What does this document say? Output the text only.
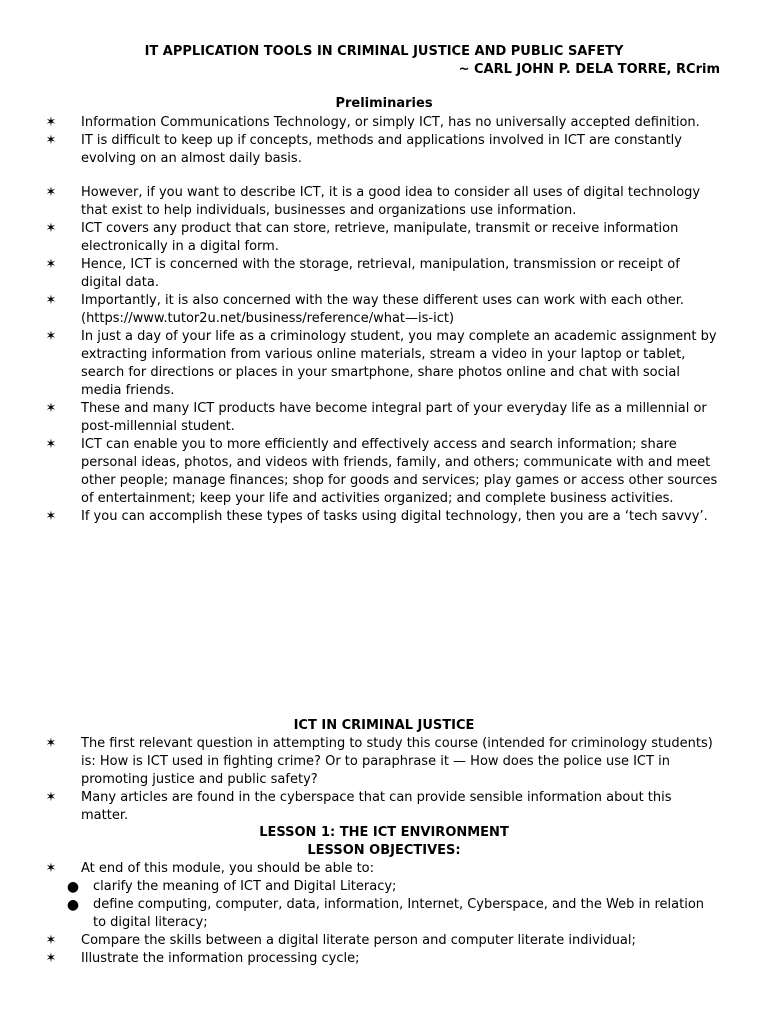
IT APPLICATION TOOLS IN CRIMINAL JUSTICE AND PUBLIC SAFETY
~ CARL JOHN P. DELA TORRE, RCrim
Preliminaries
✶ Information Communications Technology, or simply ICT, has no universally accepted definition.
✶ IT is difficult to keep up if concepts, methods and applications involved in ICT are constantly evolving on an almost daily basis.
✶ However, if you want to describe ICT, it is a good idea to consider all uses of digital technology that exist to help individuals, businesses and organizations use information.
✶ ICT covers any product that can store, retrieve, manipulate, transmit or receive information electronically in a digital form.
✶ Hence, ICT is concerned with the storage, retrieval, manipulation, transmission or receipt of digital data.
✶ Importantly, it is also concerned with the way these different uses can work with each other. (https://www.tutor2u.net/business/reference/what—is-ict)
✶ In just a day of your life as a criminology student, you may complete an academic assignment by extracting information from various online materials, stream a video in your laptop or tablet, search for directions or places in your smartphone, share photos online and chat with social media friends.
✶ These and many ICT products have become integral part of your everyday life as a millennial or post-millennial student.
✶ ICT can enable you to more efficiently and effectively access and search information; share personal ideas, photos, and videos with friends, family, and others; communicate with and meet other people; manage finances; shop for goods and services; play games or access other sources of entertainment; keep your life and activities organized; and complete business activities.
✶ If you can accomplish these types of tasks using digital technology, then you are a ‘tech savvy’.
ICT IN CRIMINAL JUSTICE
✶ The first relevant question in attempting to study this course (intended for criminology students) is: How is ICT used in fighting crime? Or to paraphrase it — How does the police use ICT in promoting justice and public safety?
✶ Many articles are found in the cyberspace that can provide sensible information about this matter.
LESSON 1: THE ICT ENVIRONMENT
LESSON OBJECTIVES:
✶ At end of this module, you should be able to:
● clarify the meaning of ICT and Digital Literacy;
● define computing, computer, data, information, Internet, Cyberspace, and the Web in relation to digital literacy;
✶ Compare the skills between a digital literate person and computer literate individual;
✶ Illustrate the information processing cycle;
